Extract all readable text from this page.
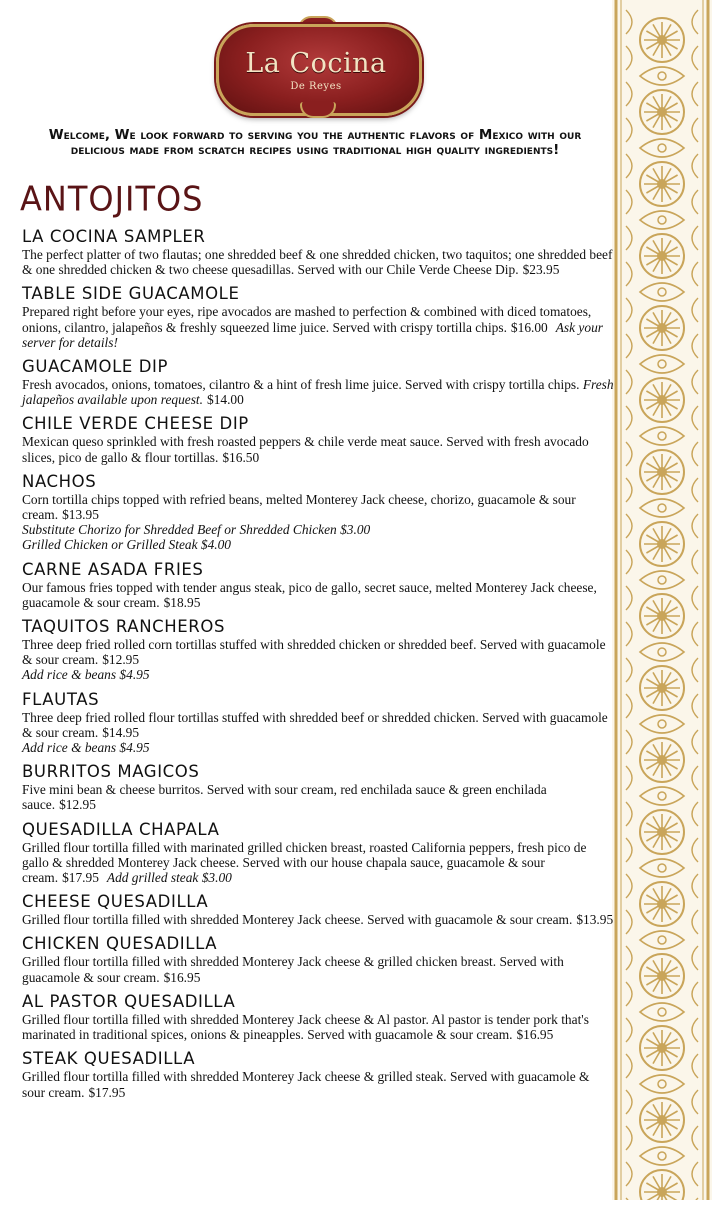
La Cocina
De Reyes
Welcome, We look forward to serving you the authentic flavors of Mexico with our delicious made from scratch recipes using traditional high quality ingredients!
ANTOJITOS
LA COCINA SAMPLER
The perfect platter of two flautas; one shredded beef & one shredded chicken, two taquitos; one shredded beef & one shredded chicken & two cheese quesadillas. Served with our Chile Verde Cheese Dip. $23.95
TABLE SIDE GUACAMOLE
Prepared right before your eyes, ripe avocados are mashed to perfection & combined with diced tomatoes, onions, cilantro, jalapeños & freshly squeezed lime juice. Served with crispy tortilla chips. $16.00 Ask your server for details!
GUACAMOLE DIP
Fresh avocados, onions, tomatoes, cilantro & a hint of fresh lime juice. Served with crispy tortilla chips. Fresh jalapeños available upon request. $14.00
CHILE VERDE CHEESE DIP
Mexican queso sprinkled with fresh roasted peppers & chile verde meat sauce. Served with fresh avocado slices, pico de gallo & flour tortillas. $16.50
NACHOS
Corn tortilla chips topped with refried beans, melted Monterey Jack cheese, chorizo, guacamole & sour cream. $13.95
Substitute Chorizo for Shredded Beef or Shredded Chicken $3.00
Grilled Chicken or Grilled Steak $4.00
CARNE ASADA FRIES
Our famous fries topped with tender angus steak, pico de gallo, secret sauce, melted Monterey Jack cheese, guacamole & sour cream. $18.95
TAQUITOS RANCHEROS
Three deep fried rolled corn tortillas stuffed with shredded chicken or shredded beef. Served with guacamole & sour cream. $12.95
Add rice & beans $4.95
FLAUTAS
Three deep fried rolled flour tortillas stuffed with shredded beef or shredded chicken. Served with guacamole & sour cream. $14.95
Add rice & beans $4.95
BURRITOS MAGICOS
Five mini bean & cheese burritos. Served with sour cream, red enchilada sauce & green enchilada sauce. $12.95
QUESADILLA CHAPALA
Grilled flour tortilla filled with marinated grilled chicken breast, roasted California peppers, fresh pico de gallo & shredded Monterey Jack cheese. Served with our house chapala sauce, guacamole & sour cream. $17.95 Add grilled steak $3.00
CHEESE QUESADILLA
Grilled flour tortilla filled with shredded Monterey Jack cheese. Served with guacamole & sour cream. $13.95
CHICKEN QUESADILLA
Grilled flour tortilla filled with shredded Monterey Jack cheese & grilled chicken breast. Served with guacamole & sour cream. $16.95
AL PASTOR QUESADILLA
Grilled flour tortilla filled with shredded Monterey Jack cheese & Al pastor. Al pastor is tender pork that's marinated in traditional spices, onions & pineapples. Served with guacamole & sour cream. $16.95
STEAK QUESADILLA
Grilled flour tortilla filled with shredded Monterey Jack cheese & grilled steak. Served with guacamole & sour cream. $17.95
